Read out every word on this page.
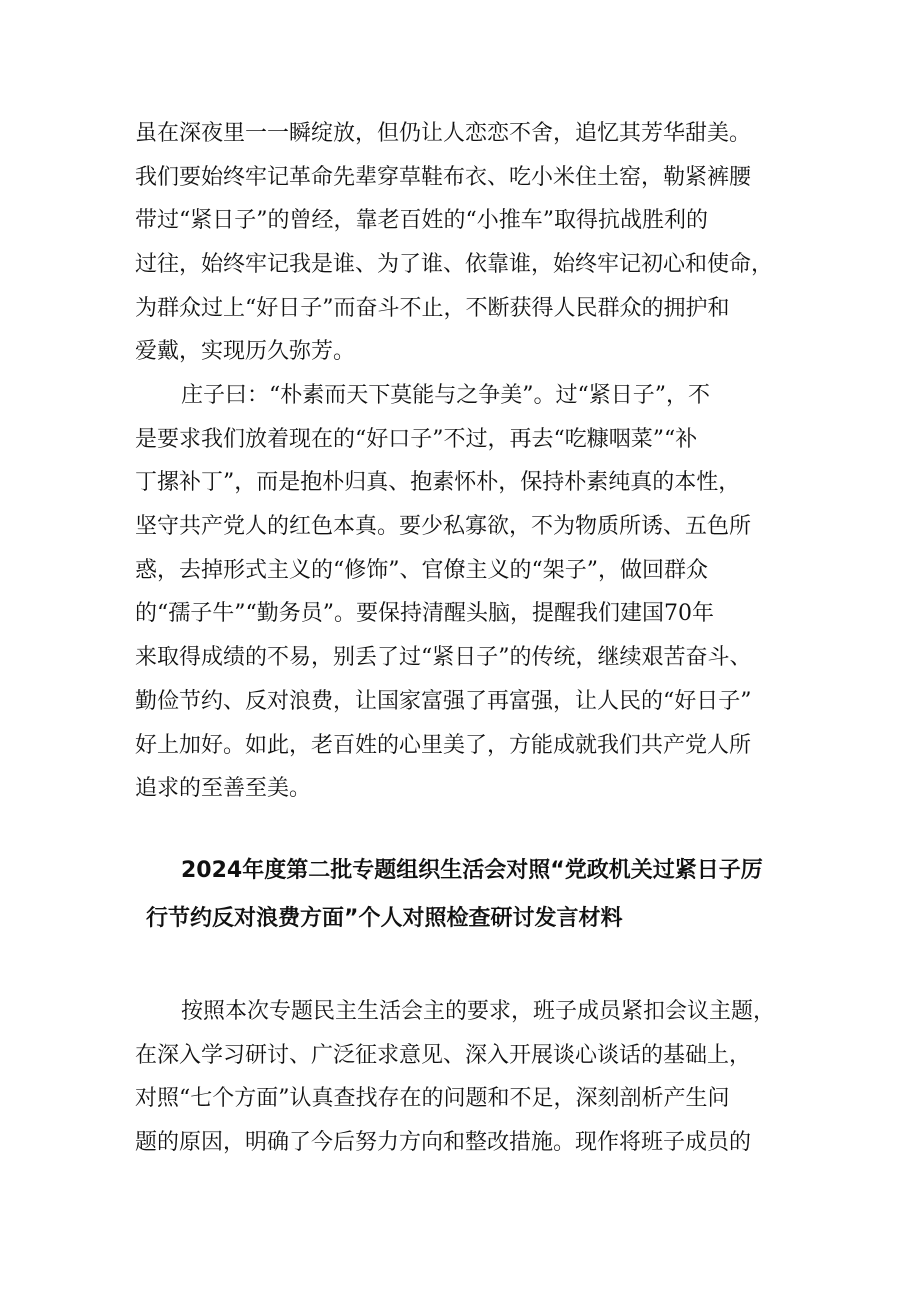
虽在深夜里一一瞬绽放，但仍让人恋恋不舍，追忆其芳华甜美。
我们要始终牢记革命先辈穿草鞋布衣、吃小米住土窑，勒紧裤腰
带过“紧日子”的曾经，靠老百姓的“小推车”取得抗战胜利的
过往，始终牢记我是谁、为了谁、依靠谁，始终牢记初心和使命，
为群众过上“好日子”而奋斗不止，不断获得人民群众的拥护和
爱戴，实现历久弥芳。
庄子曰：“朴素而天下莫能与之争美”。过“紧日子”，不
是要求我们放着现在的“好口子”不过，再去“吃糠咽菜”“补
丁摞补丁”，而是抱朴归真、抱素怀朴，保持朴素纯真的本性，
坚守共产党人的红色本真。要少私寡欲，不为物质所诱、五色所
惑，去掉形式主义的“修饰”、官僚主义的“架子”，做回群众
的“孺子牛”“勤务员”。要保持清醒头脑，提醒我们建国70年
来取得成绩的不易，别丢了过“紧日子”的传统，继续艰苦奋斗、
勤俭节约、反对浪费，让国家富强了再富强，让人民的“好日子”
好上加好。如此，老百姓的心里美了，方能成就我们共产党人所
追求的至善至美。
2024年度第二批专题组织生活会对照“党政机关过紧日子厉
行节约反对浪费方面”个人对照检查研讨发言材料
按照本次专题民主生活会主的要求，班子成员紧扣会议主题，
在深入学习研讨、广泛征求意见、深入开展谈心谈话的基础上，
对照“七个方面”认真查找存在的问题和不足，深刻剖析产生问
题的原因，明确了今后努力方向和整改措施。现作将班子成员的
